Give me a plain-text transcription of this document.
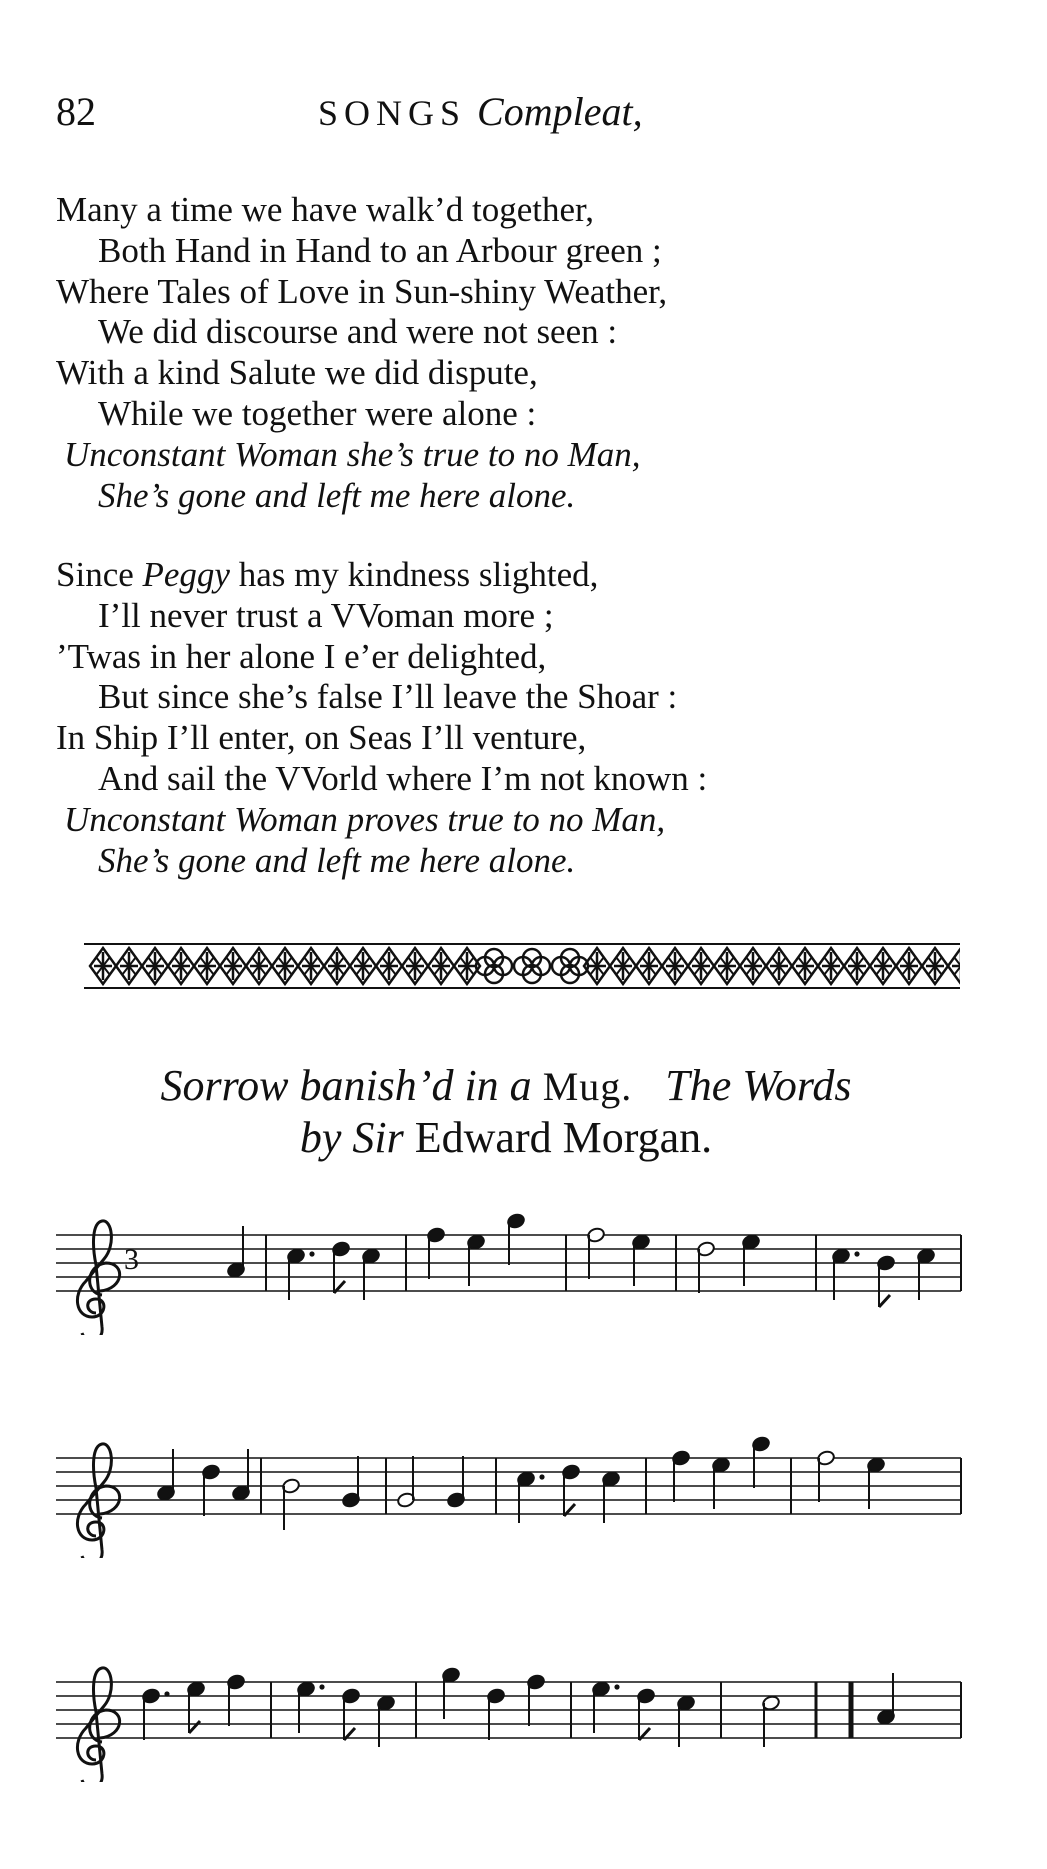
82	SONGS Compleat,
Many a time we have walk’d together,
Both Hand in Hand to an Arbour green ;
Where Tales of Love in Sun-shiny Weather,
We did discourse and were not seen :
With a kind Salute we did dispute,
While we together were alone :
Unconstant Woman she’s true to no Man,
She’s gone and left me here alone.
Since Peggy has my kindness slighted,
I’ll never trust a VVoman more ;
’Twas in her alone I e’er delighted,
But since she’s false I’ll leave the Shoar :
In Ship I’ll enter, on Seas I’ll venture,
And sail the VVorld where I’m not known :
Unconstant Woman proves true to no Man,
She’s gone and left me here alone.
Sorrow banish’d in a Mug. The Words
by Sir Edward Morgan.
3
